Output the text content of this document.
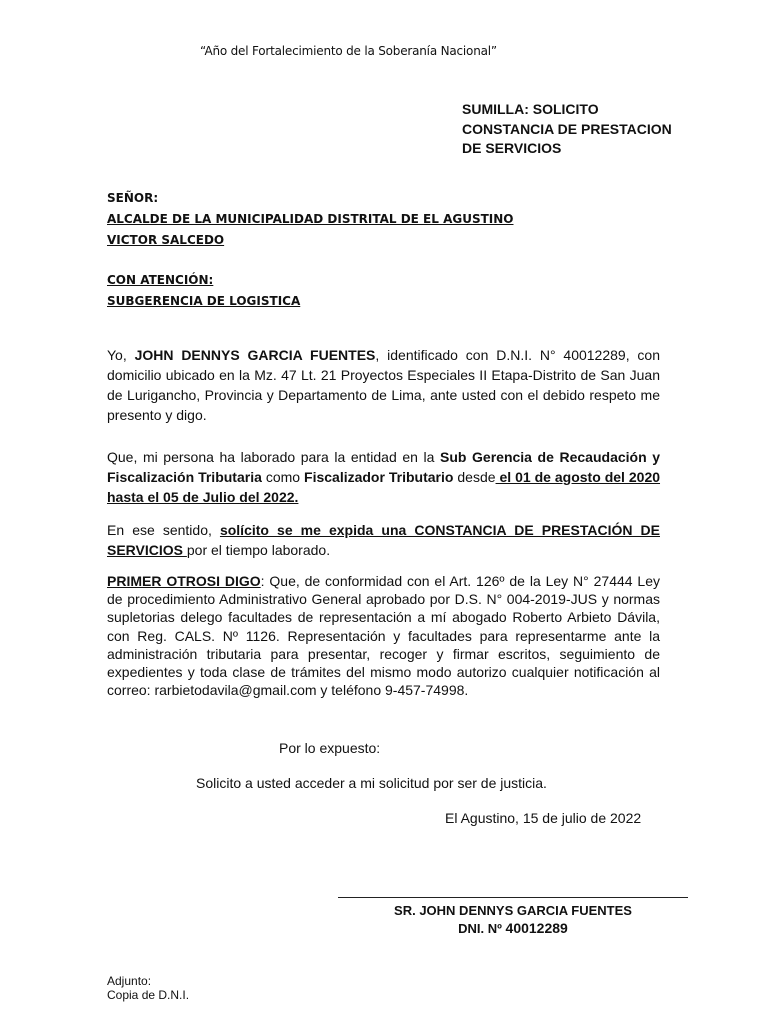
“Año del Fortalecimiento de la Soberanía Nacional”
SUMILLA: SOLICITO CONSTANCIA DE PRESTACION DE SERVICIOS
SEÑOR:
ALCALDE DE LA MUNICIPALIDAD DISTRITAL DE EL AGUSTINO
VICTOR SALCEDO
CON ATENCIÓN:
SUBGERENCIA DE LOGISTICA
Yo, JOHN DENNYS GARCIA FUENTES, identificado con D.N.I. N° 40012289, con domicilio ubicado en la Mz. 47 Lt. 21 Proyectos Especiales II Etapa-Distrito de San Juan de Lurigancho, Provincia y Departamento de Lima, ante usted con el debido respeto me presento y digo.
Que, mi persona ha laborado para la entidad en la Sub Gerencia de Recaudación y Fiscalización Tributaria como Fiscalizador Tributario desde el 01 de agosto del 2020 hasta el 05 de Julio del 2022.
En ese sentido, solícito se me expida una CONSTANCIA DE PRESTACIÓN DE SERVICIOS por el tiempo laborado.
PRIMER OTROSI DIGO: Que, de conformidad con el Art. 126º de la Ley N° 27444 Ley de procedimiento Administrativo General aprobado por D.S. N° 004-2019-JUS y normas supletorias delego facultades de representación a mí abogado Roberto Arbieto Dávila, con Reg. CALS. Nº 1126. Representación y facultades para representarme ante la administración tributaria para presentar, recoger y firmar escritos, seguimiento de expedientes y toda clase de trámites del mismo modo autorizo cualquier notificación al correo: rarbietodavila@gmail.com y teléfono 9-457-74998.
Por lo expuesto:
Solicito a usted acceder a mi solicitud por ser de justicia.
El Agustino, 15 de julio de 2022
SR. JOHN DENNYS GARCIA FUENTES
DNI. Nº 40012289
Adjunto:
Copia de D.N.I.
